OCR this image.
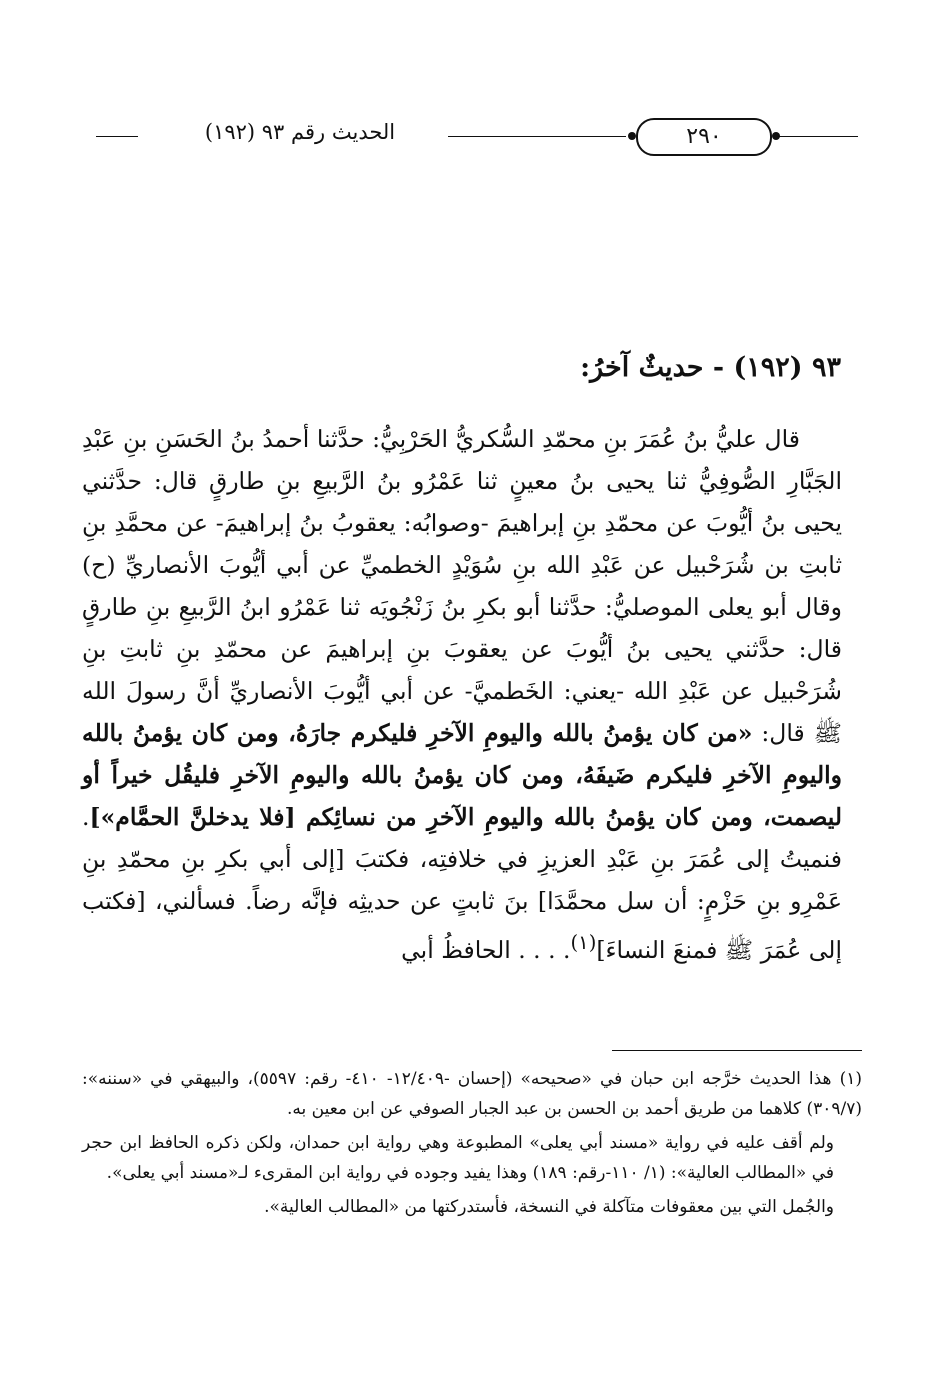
الحديث رقم ٩٣ (١٩٢)	٢٩٠
٩٣ (١٩٢) - حديثٌ آخرُ:

قال عليُّ بنُ عُمَرَ بنِ محمّدِ السُّكريُّ الحَرْبِيُّ: حدَّثنا أحمدُ بنُ الحَسَنِ بنِ عَبْدِ الجَبَّارِ الصُّوفِيُّ ثنا يحيى بنُ معينٍ ثنا عَمْرُو بنُ الرَّبيعِ بنِ طارقٍ قال: حدَّثني يحيى بنُ أيُّوبَ عن محمّدِ بنِ إبراهيمَ -وصوابُه: يعقوبُ بنُ إبراهيمَ- عن محمَّدِ بنِ ثابتِ بن شُرَحْبيل عن عَبْدِ الله بنِ سُوَيْدٍ الخطميِّ عن أبي أيُّوبَ الأنصاريِّ (ح) وقال أبو يعلى الموصليُّ: حدَّثنا أبو بكرِ بنُ زَنْجُويَه ثنا عَمْرُو ابنُ الرَّبيعِ بنِ طارقٍ قال: حدَّثني يحيى بنُ أيُّوبَ عن يعقوبَ بنِ إبراهيمَ عن محمّدِ بنِ ثابتِ بنِ شُرَحْبيل عن عَبْدِ الله -يعني: الخَطميَّ- عن أبي أيُّوبَ الأنصاريِّ أنَّ رسولَ الله ﷺ قال: «من كان يؤمنُ بالله واليومِ الآخرِ فليكرم جارَهُ، ومن كان يؤمنُ بالله واليومِ الآخرِ فليكرم ضَيفَهُ، ومن كان يؤمنُ بالله واليومِ الآخرِ فليقُل خيراً أو ليصمت، ومن كان يؤمنُ بالله واليومِ الآخرِ من نسائِكم [فلا يدخلنَّ الحمَّام»]. فنميتُ إلى عُمَرَ بنِ عَبْدِ العزيزِ في خلافتِه، فكتبَ [إلى أبي بكرِ بنِ محمّدِ بنِ عَمْرِو بنِ حَزْمٍ: أن سل محمَّدَا] بنَ ثابتٍ عن حديثِه فإنَّه رضاً. فسألني، [فكتب إلى عُمَرَ ﷺ فمنعَ النساءَ]$^{(١)}$. . . . الحافظُ أبي

(١) هذا الحديث خرَّجه ابن حبان في «صحيحه» (إحسان -١٢/٤٠٩- ٤١٠- رقم: ٥٥٩٧)، والبيهقي في «سننه»: (٣٠٩/٧) كلاهما من طريق أحمد بن الحسن بن عبد الجبار الصوفي عن ابن معين به.

ولم أقف عليه في رواية «مسند أبي يعلى» المطبوعة وهي رواية ابن حمدان، ولكن ذكره الحافظ ابن حجر في «المطالب العالية»: (١/ ١١٠-رقم: ١٨٩) وهذا يفيد وجوده في رواية ابن المقرىء لـ«مسند أبي يعلى».

والجُمل التي بين معقوفات متآكلة في النسخة، فأستدركتها من «المطالب العالية».
